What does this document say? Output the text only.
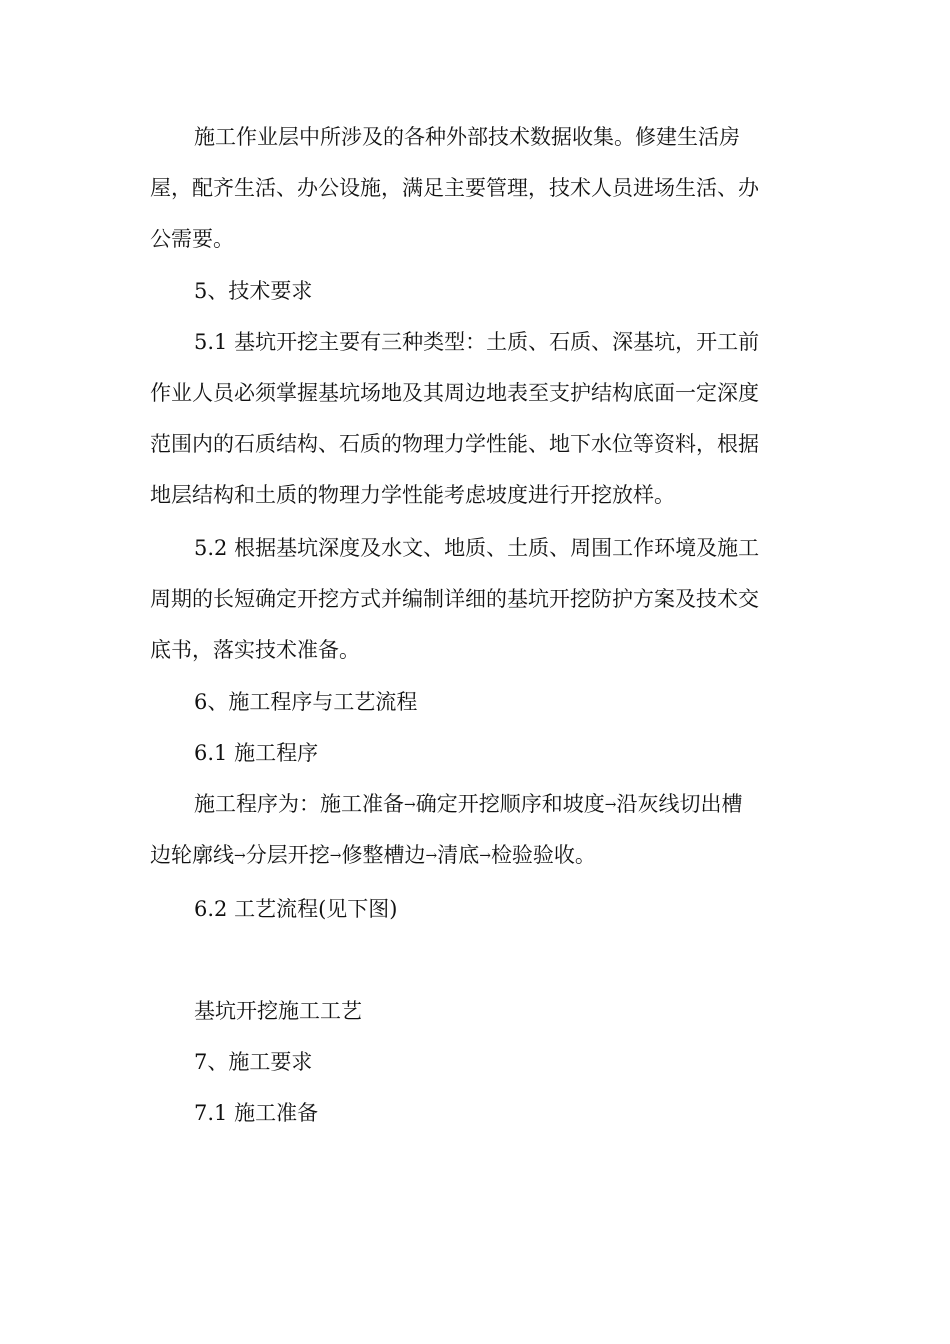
施工作业层中所涉及的各种外部技术数据收集。修建生活房
屋，配齐生活、办公设施，满足主要管理，技术人员进场生活、办
公需要。
5、技术要求
5.1 基坑开挖主要有三种类型：土质、石质、深基坑，开工前
作业人员必须掌握基坑场地及其周边地表至支护结构底面一定深度
范围内的石质结构、石质的物理力学性能、地下水位等资料，根据
地层结构和土质的物理力学性能考虑坡度进行开挖放样。
5.2 根据基坑深度及水文、地质、土质、周围工作环境及施工
周期的长短确定开挖方式并编制详细的基坑开挖防护方案及技术交
底书，落实技术准备。
6、施工程序与工艺流程
6.1 施工程序
施工程序为：施工准备→确定开挖顺序和坡度→沿灰线切出槽
边轮廓线→分层开挖→修整槽边→清底→检验验收。
6.2 工艺流程(见下图)
基坑开挖施工工艺
7、施工要求
7.1 施工准备
